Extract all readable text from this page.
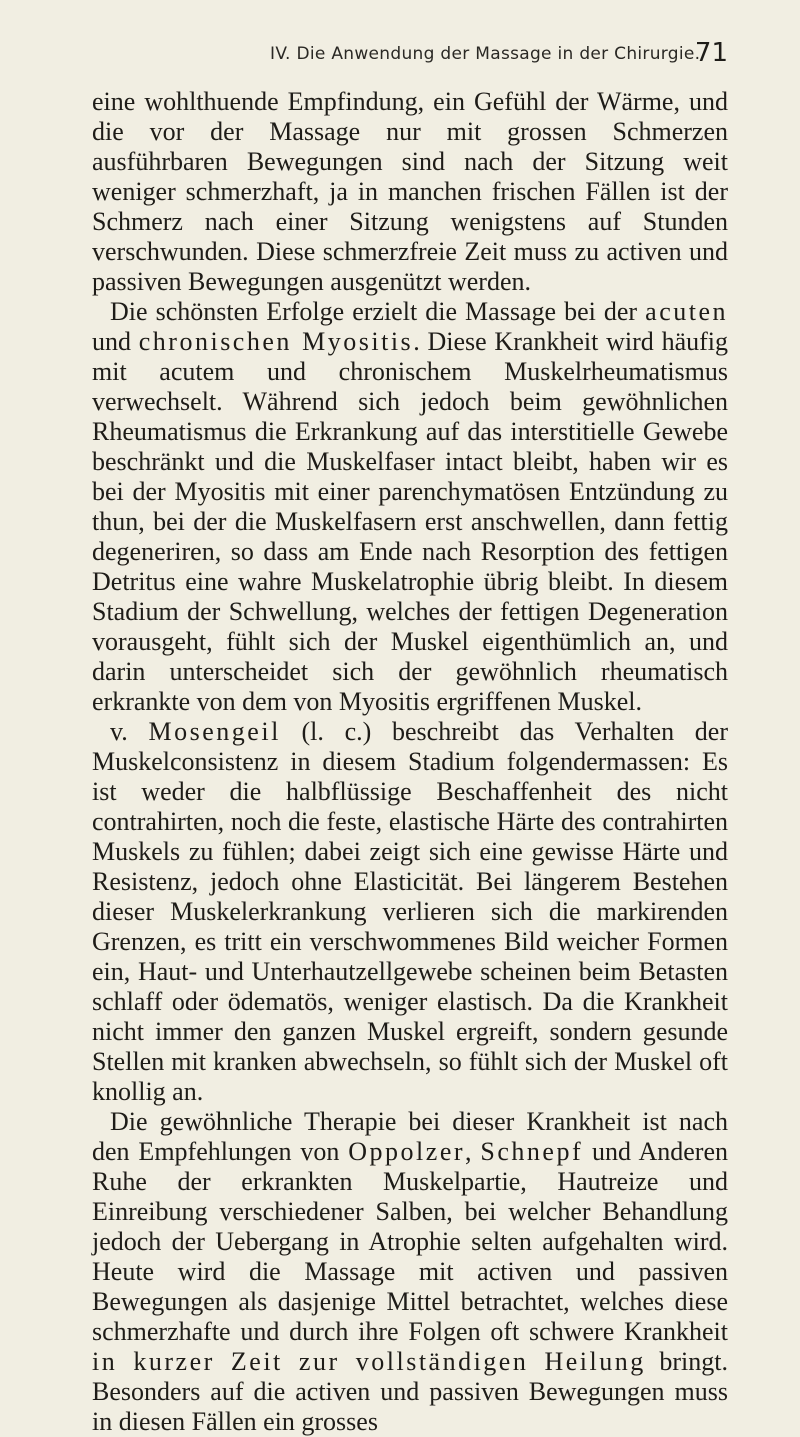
IV. Die Anwendung der Massage in der Chirurgie.
71

eine wohlthuende Empfindung, ein Gefühl der Wärme, und die vor der Massage nur mit grossen Schmerzen ausführbaren Bewegungen sind nach der Sitzung weit weniger schmerzhaft, ja in manchen frischen Fällen ist der Schmerz nach einer Sitzung wenigstens auf Stunden verschwunden. Diese schmerzfreie Zeit muss zu activen und passiven Bewegungen ausgenützt werden.

Die schönsten Erfolge erzielt die Massage bei der acuten und chronischen Myositis. Diese Krankheit wird häufig mit acutem und chronischem Muskelrheumatismus verwechselt. Während sich jedoch beim gewöhnlichen Rheumatismus die Erkrankung auf das interstitielle Gewebe beschränkt und die Muskelfaser intact bleibt, haben wir es bei der Myositis mit einer parenchymatösen Entzündung zu thun, bei der die Muskelfasern erst anschwellen, dann fettig degeneriren, so dass am Ende nach Resorption des fettigen Detritus eine wahre Muskelatrophie übrig bleibt. In diesem Stadium der Schwellung, welches der fettigen Degeneration vorausgeht, fühlt sich der Muskel eigenthümlich an, und darin unterscheidet sich der gewöhnlich rheumatisch erkrankte von dem von Myositis ergriffenen Muskel.

v. Mosengeil (l. c.) beschreibt das Verhalten der Muskelconsistenz in diesem Stadium folgendermassen: Es ist weder die halbflüssige Beschaffenheit des nicht contrahirten, noch die feste, elastische Härte des contrahirten Muskels zu fühlen; dabei zeigt sich eine gewisse Härte und Resistenz, jedoch ohne Elasticität. Bei längerem Bestehen dieser Muskelerkrankung verlieren sich die markirenden Grenzen, es tritt ein verschwommenes Bild weicher Formen ein, Haut- und Unterhautzellgewebe scheinen beim Betasten schlaff oder ödematös, weniger elastisch. Da die Krankheit nicht immer den ganzen Muskel ergreift, sondern gesunde Stellen mit kranken abwechseln, so fühlt sich der Muskel oft knollig an.

Die gewöhnliche Therapie bei dieser Krankheit ist nach den Empfehlungen von Oppolzer, Schnepf und Anderen Ruhe der erkrankten Muskelpartie, Hautreize und Einreibung verschiedener Salben, bei welcher Behandlung jedoch der Uebergang in Atrophie selten aufgehalten wird. Heute wird die Massage mit activen und passiven Bewegungen als dasjenige Mittel betrachtet, welches diese schmerzhafte und durch ihre Folgen oft schwere Krankheit in kurzer Zeit zur vollständigen Heilung bringt. Besonders auf die activen und passiven Bewegungen muss in diesen Fällen ein grosses
